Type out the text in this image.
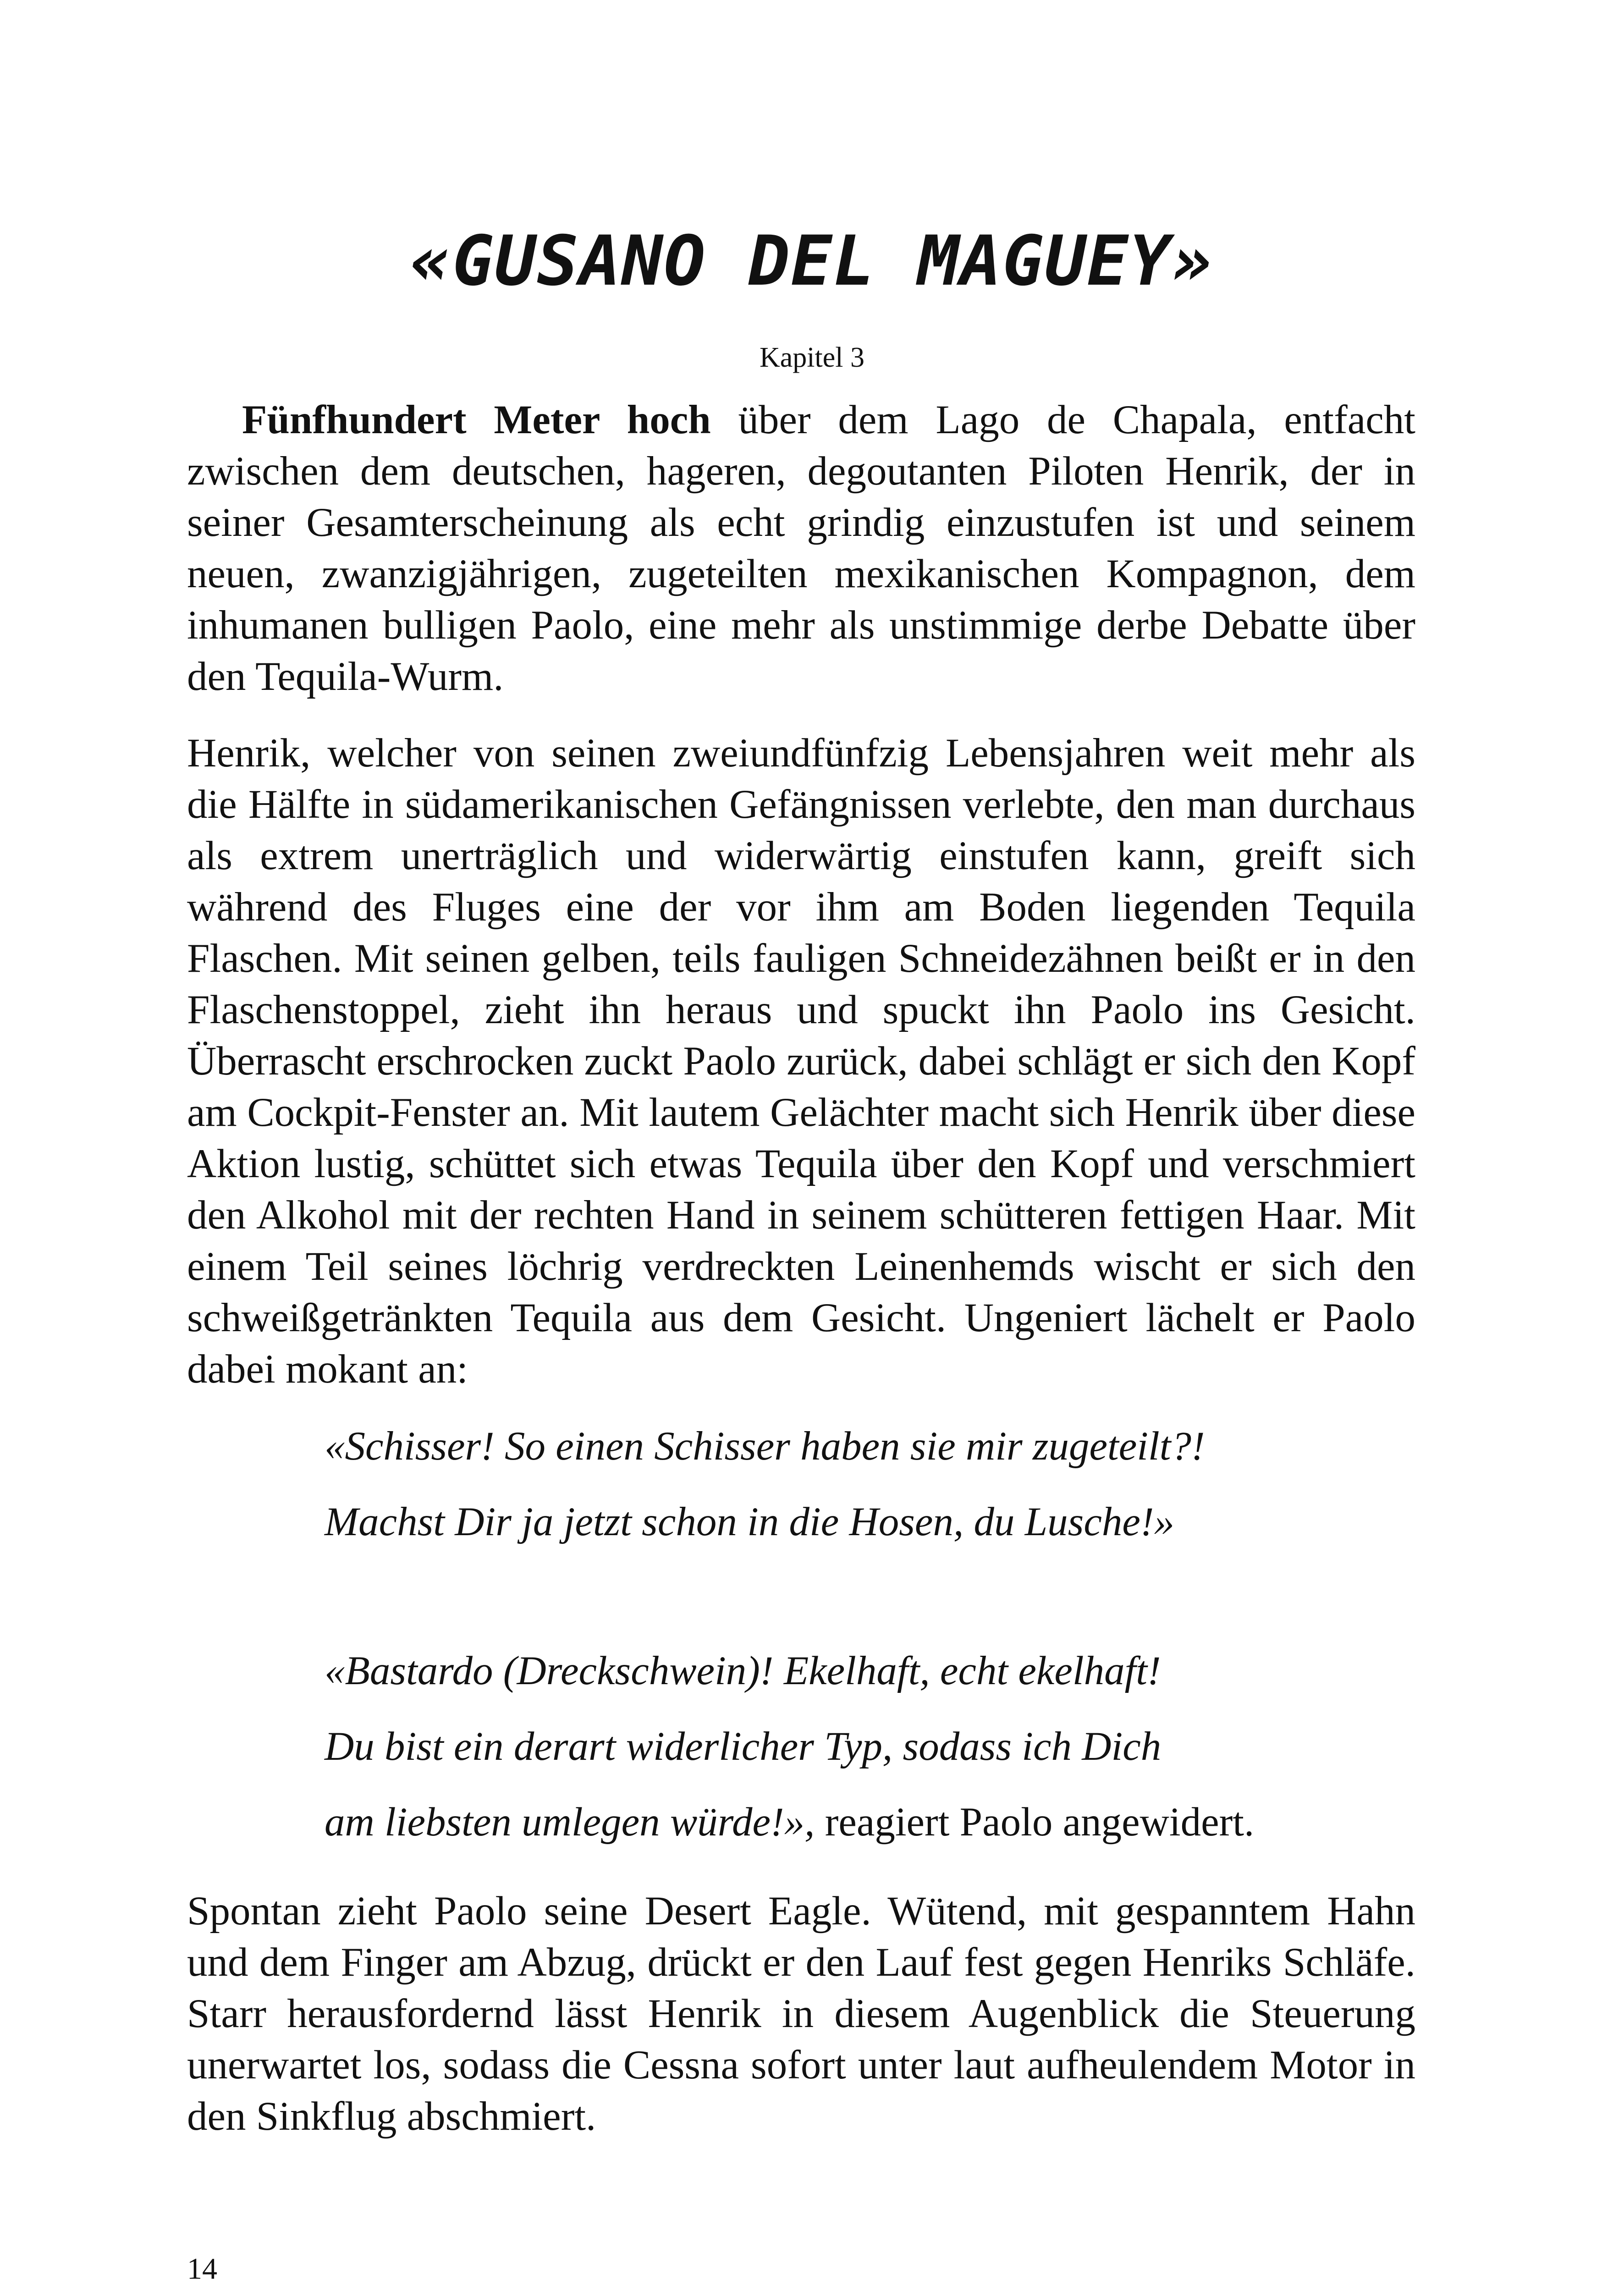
«GUSANO DEL MAGUEY»

Kapitel 3

Fünfhundert Meter hoch über dem Lago de Chapala, entfacht zwischen dem deutschen, hageren, degoutanten Piloten Henrik, der in seiner Gesamterscheinung als echt grindig einzustufen ist und seinem neuen, zwanzigjährigen, zugeteilten mexikanischen Kompagnon, dem inhumanen bulligen Paolo, eine mehr als unstimmige derbe Debatte über den Tequila-Wurm.

Henrik, welcher von seinen zweiundfünfzig Lebensjahren weit mehr als die Hälfte in südamerikanischen Gefängnissen verlebte, den man durchaus als extrem unerträglich und widerwärtig einstufen kann, greift sich während des Fluges eine der vor ihm am Boden liegenden Tequila Flaschen. Mit seinen gelben, teils fauligen Schneidezähnen beißt er in den Flaschenstoppel, zieht ihn heraus und spuckt ihn Paolo ins Gesicht. Überrascht erschrocken zuckt Paolo zurück, dabei schlägt er sich den Kopf am Cockpit-Fenster an. Mit lautem Gelächter macht sich Henrik über diese Aktion lustig, schüttet sich etwas Tequila über den Kopf und verschmiert den Alkohol mit der rechten Hand in seinem schütteren fettigen Haar. Mit einem Teil seines löchrig verdreckten Leinenhemds wischt er sich den schweißgetränkten Tequila aus dem Gesicht. Ungeniert lächelt er Paolo dabei mokant an:

«Schisser! So einen Schisser haben sie mir zugeteilt?!

Machst Dir ja jetzt schon in die Hosen, du Lusche!»

«Bastardo (Dreckschwein)! Ekelhaft, echt ekelhaft!

Du bist ein derart widerlicher Typ, sodass ich Dich

am liebsten umlegen würde!», reagiert Paolo angewidert.

Spontan zieht Paolo seine Desert Eagle. Wütend, mit gespanntem Hahn und dem Finger am Abzug, drückt er den Lauf fest gegen Henriks Schläfe. Starr herausfordernd lässt Henrik in diesem Augenblick die Steuerung unerwartet los, sodass die Cessna sofort unter laut aufheulendem Motor in den Sinkflug abschmiert.

14
